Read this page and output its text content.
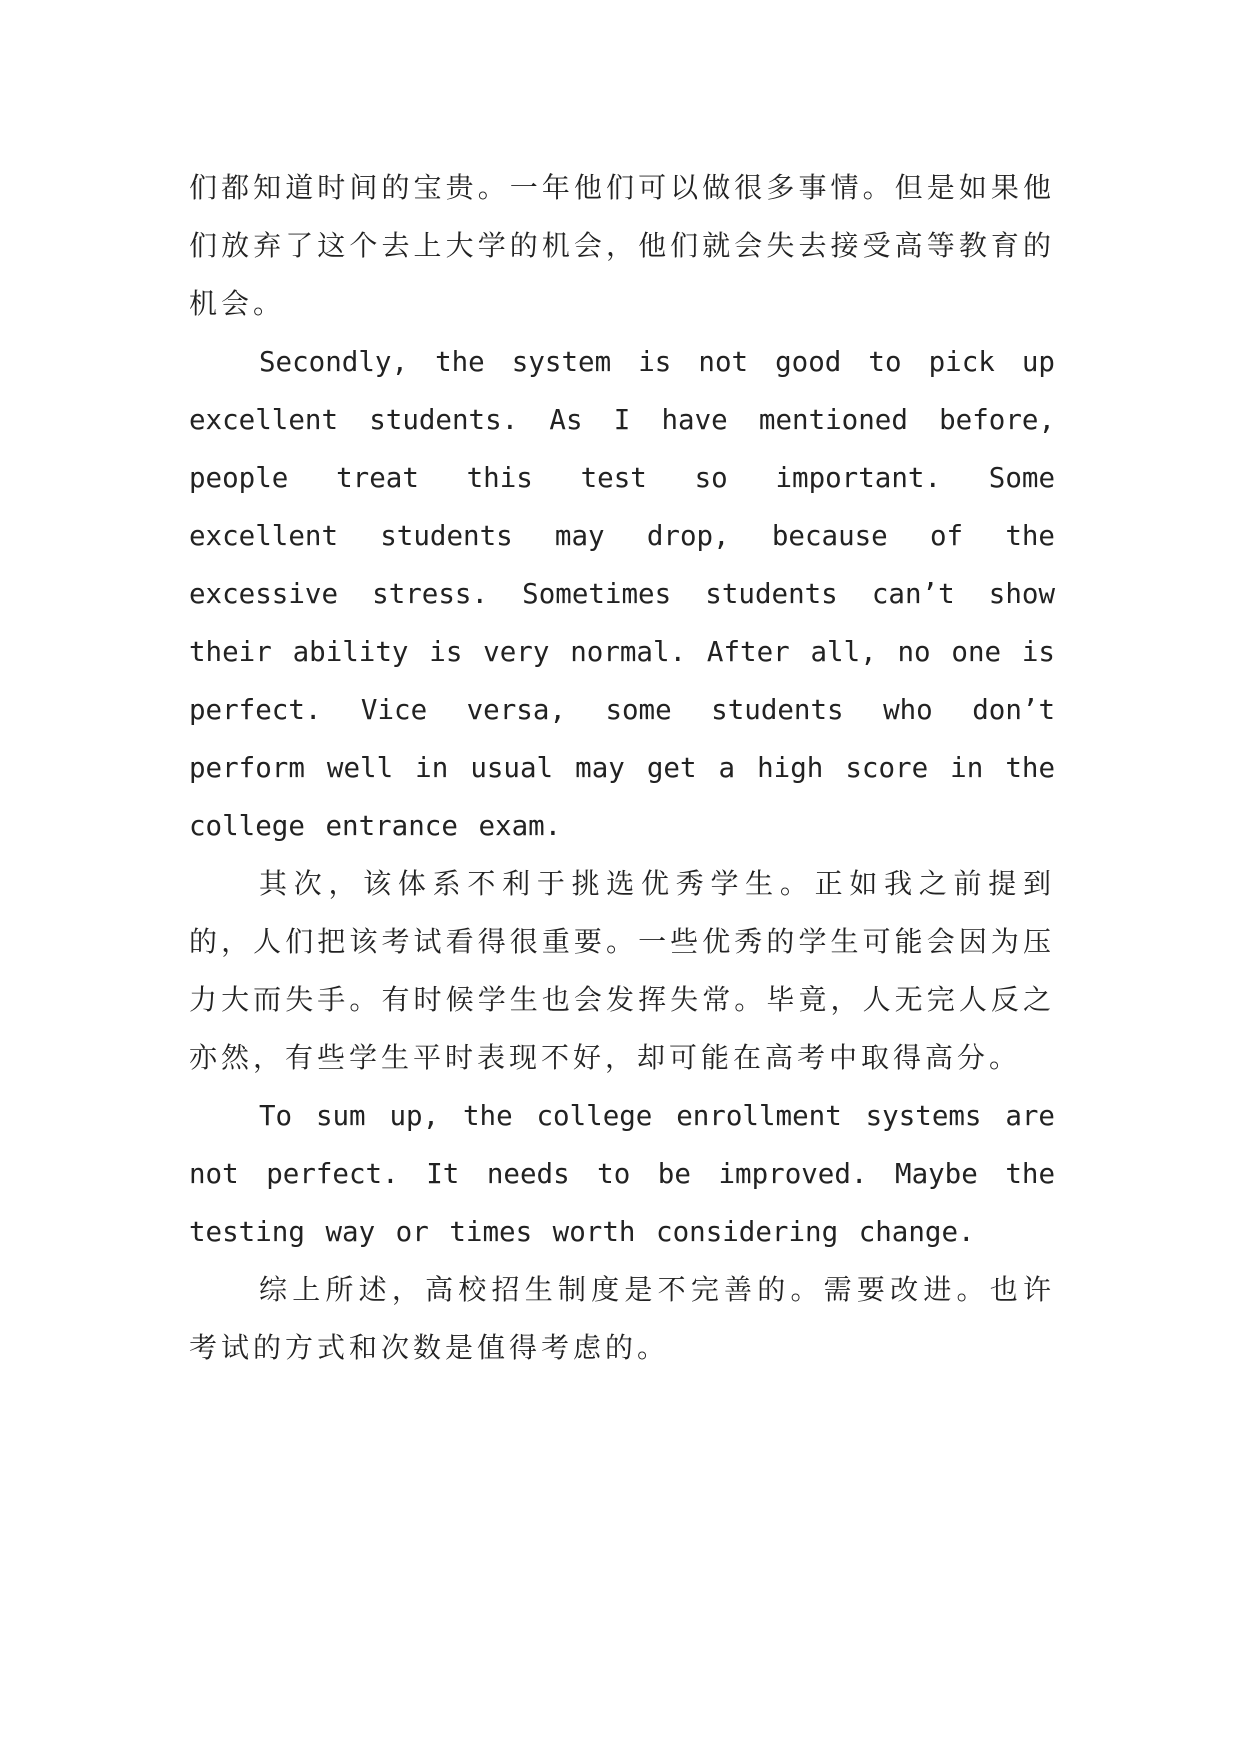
们都知道时间的宝贵。一年他们可以做很多事情。但是如果他们放弃了这个去上大学的机会，他们就会失去接受高等教育的机会。

Secondly, the system is not good to pick up excellent students. As I have mentioned before, people treat this test so important. Some excellent students may drop, because of the excessive stress. Sometimes students can’t show their ability is very normal. After all, no one is perfect. Vice versa, some students who don’t perform well in usual may get a high score in the college entrance exam.

其次，该体系不利于挑选优秀学生。正如我之前提到的，人们把该考试看得很重要。一些优秀的学生可能会因为压力大而失手。有时候学生也会发挥失常。毕竟，人无完人反之亦然，有些学生平时表现不好，却可能在高考中取得高分。

To sum up, the college enrollment systems are not perfect. It needs to be improved. Maybe the testing way or times worth considering change.

综上所述，高校招生制度是不完善的。需要改进。也许考试的方式和次数是值得考虑的。
